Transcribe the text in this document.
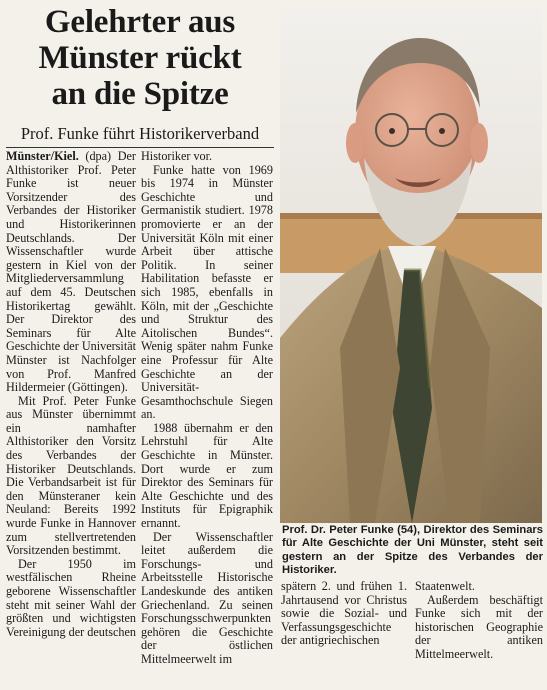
Gelehrter aus
Münster rückt
an die Spitze
Prof. Funke führt Historikerverband

Münster/Kiel. (dpa) Der Althistoriker Prof. Peter Funke ist neuer Vorsitzender des Verbandes der Historiker und Historikerinnen Deutschlands. Der Wissenschaftler wurde gestern in Kiel von der Mitgliederversammlung auf dem 45. Deutschen Historikertag gewählt. Der Direktor des Seminars für Alte Geschichte der Universität Münster ist Nachfolger von Prof. Manfred Hildermeier (Göttingen).

Mit Prof. Peter Funke aus Münster übernimmt ein namhafter Althistoriker den Vorsitz des Verbandes der Historiker Deutschlands. Die Verbandsarbeit ist für den Münsteraner kein Neuland: Bereits 1992 wurde Funke in Hannover zum stellvertretenden Vorsitzenden bestimmt.

Der 1950 im westfälischen Rheine geborene Wissenschaftler steht mit seiner Wahl der größten und wichtigsten Vereinigung der deutschen

Historiker vor.

Funke hatte von 1969 bis 1974 in Münster Geschichte und Germanistik studiert. 1978 promovierte er an der Universität Köln mit einer Arbeit über attische Politik. In seiner Habilitation befasste er sich 1985, ebenfalls in Köln, mit der „Geschichte und Struktur des Aitolischen Bundes“. Wenig später nahm Funke eine Professur für Alte Geschichte an der Universität-Gesamthochschule Siegen an.

1988 übernahm er den Lehrstuhl für Alte Geschichte in Münster. Dort wurde er zum Direktor des Seminars für Alte Geschichte und des Instituts für Epigraphik ernannt.

Der Wissenschaftler leitet außerdem die Forschungs- und Arbeitsstelle Historische Landeskunde des antiken Griechenland. Zu seinen Forschungsschwerpunkten gehören die Geschichte der östlichen Mittelmeerwelt im

Prof. Dr. Peter Funke (54), Direktor des Seminars für Alte Geschichte der Uni Münster, steht seit gestern an der Spitze des Verbandes der Historiker.

spätern 2. und frühen 1. Jahrtausend vor Christus sowie die Sozial- und Verfassungsgeschichte der antigriechischen

Staatenwelt.

Außerdem beschäftigt Funke sich mit der historischen Geographie der antiken Mittelmeerwelt.
